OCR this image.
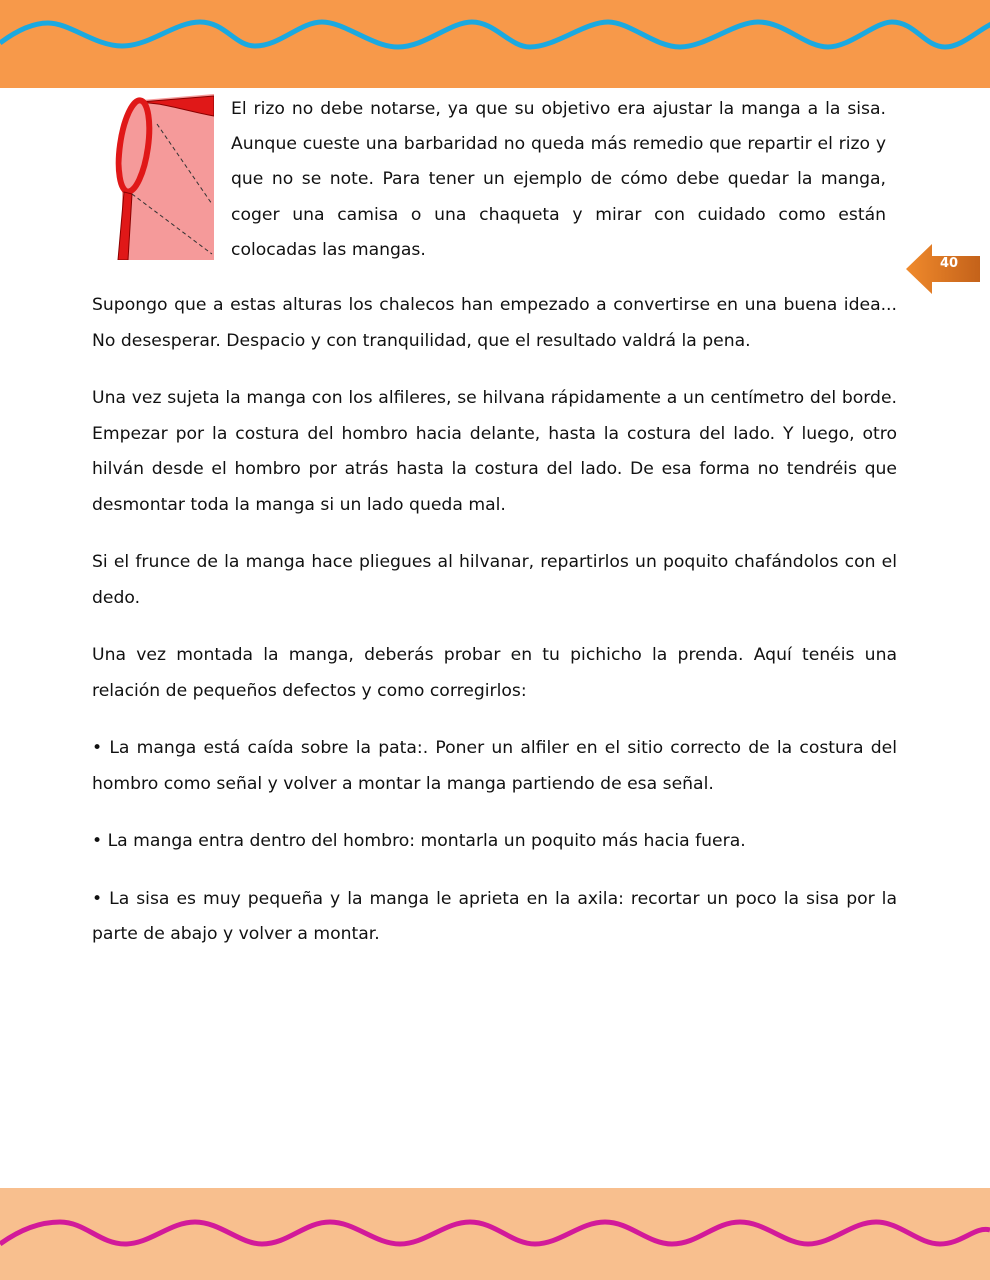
El rizo no debe notarse, ya que su objetivo era ajustar la manga a la sisa. Aunque cueste una barbaridad no queda más remedio que repartir el rizo y que no se note. Para tener un ejemplo de cómo debe quedar la manga, coger una camisa o una chaqueta y mirar con cuidado como están colocadas las mangas.

40

Supongo que a estas alturas los chalecos han empezado a convertirse en una buena idea... No desesperar. Despacio y con tranquilidad, que el resultado valdrá la pena.

Una vez sujeta la manga con los alfileres, se hilvana rápidamente a un centímetro del borde. Empezar por la costura del hombro hacia delante, hasta la costura del lado. Y luego, otro hilván desde el hombro por atrás hasta la costura del lado. De esa forma no tendréis que desmontar toda la manga si un lado queda mal.

Si el frunce de la manga hace pliegues al hilvanar, repartirlos un poquito chafándolos con el dedo.

Una vez montada la manga, deberás probar en tu pichicho la prenda. Aquí tenéis una relación de pequeños defectos y como corregirlos:

• La manga está caída sobre la pata:. Poner un alfiler en el sitio correcto de la costura del hombro como señal y volver a montar la manga partiendo de esa señal.

• La manga entra dentro del hombro: montarla un poquito más hacia fuera.

• La sisa es muy pequeña y la manga le aprieta en la axila: recortar un poco la sisa por la parte de abajo y volver a montar.
